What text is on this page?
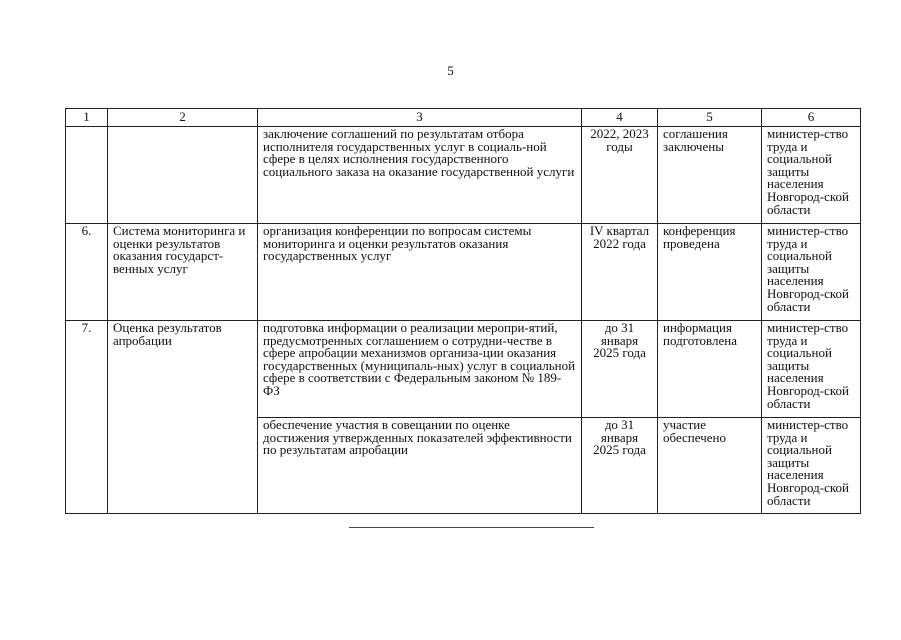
5
1	2	3	4	5	6
		заключение соглашений по результатам отбора исполнителя государственных услуг в социаль-ной сфере в целях исполнения государственного социального заказа на оказание государственной услуги	2022, 2023 годы	соглашения заключены	министер-ство труда и социальной защиты населения Новгород-ской области
6.	Система мониторинга и оценки результатов оказания государст-венных услуг	организация конференции по вопросам системы мониторинга и оценки результатов оказания государственных услуг	IV квартал 2022 года	конференция проведена	министер-ство труда и социальной защиты населения Новгород-ской области
7.	Оценка результатов апробации	подготовка информации о реализации меропри-ятий, предусмотренных соглашением о сотрудни-честве в сфере апробации механизмов организа-ции оказания государственных (муниципаль-ных) услуг в социальной сфере в соответствии с Федеральным законом № 189-ФЗ	до 31 января 2025 года	информация подготовлена	министер-ство труда и социальной защиты населения Новгород-ской области
		обеспечение участия в совещании по оценке достижения утвержденных показателей эффективности по результатам апробации	до 31 января 2025 года	участие обеспечено	министер-ство труда и социальной защиты населения Новгород-ской области
